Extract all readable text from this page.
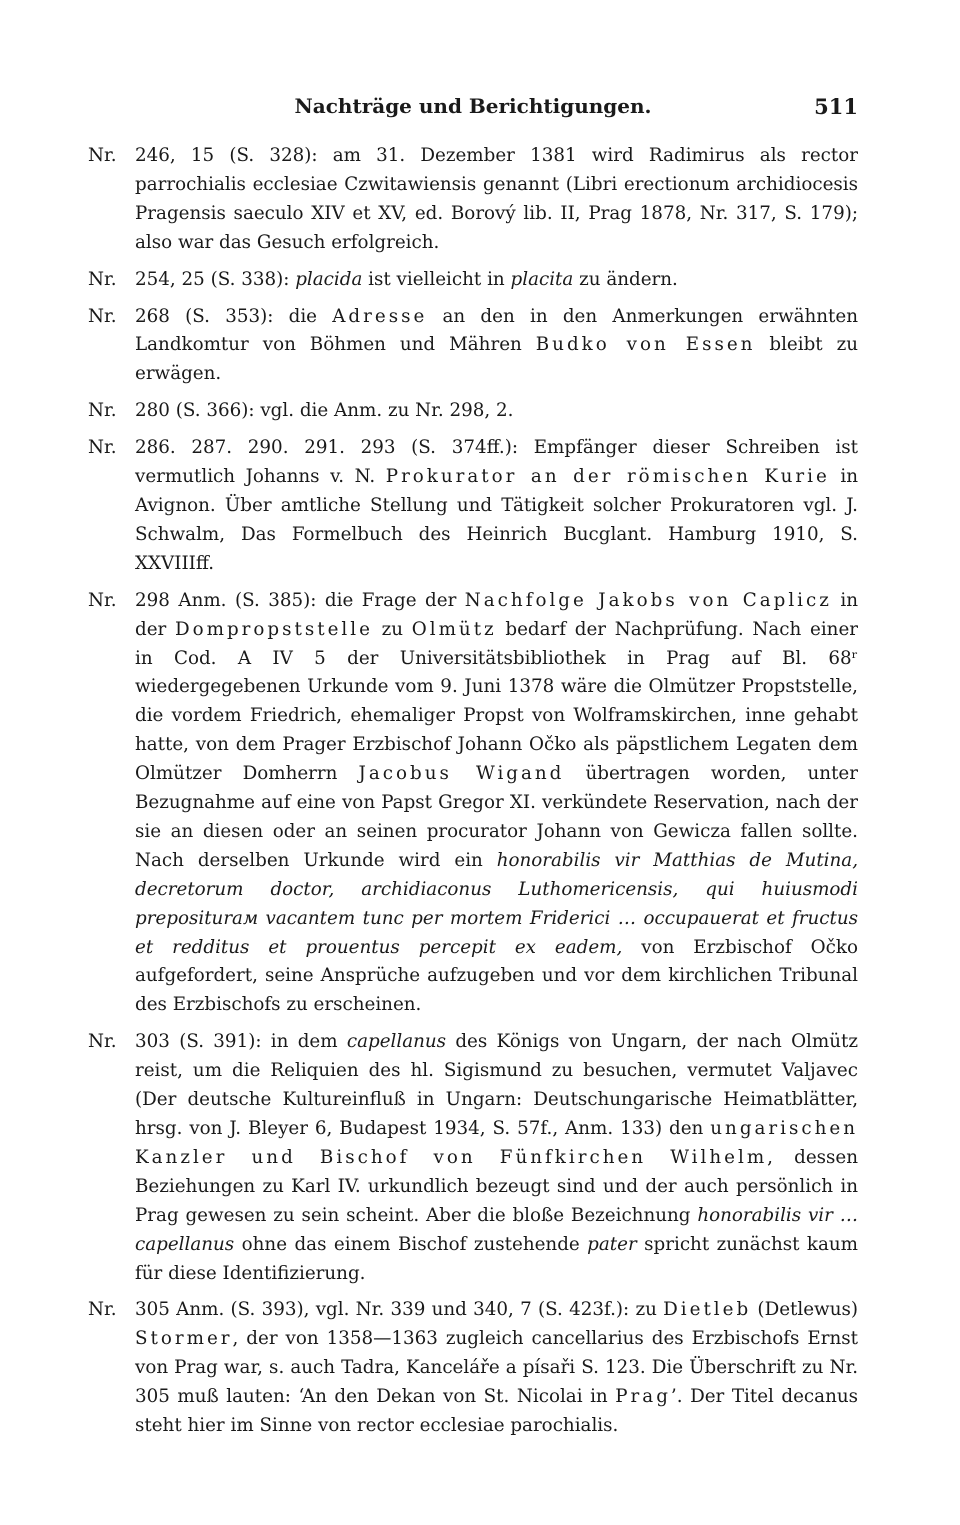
Nachträge und Berichtigungen.	511
Nr. 246, 15 (S. 328): am 31. Dezember 1381 wird Radimirus als rector parrochialis ecclesiae Czwitawiensis genannt (Libri erectionum archidiocesis Pragensis saeculo XIV et XV, ed. Borový lib. II, Prag 1878, Nr. 317, S. 179); also war das Gesuch erfolgreich.
Nr. 254, 25 (S. 338): placida ist vielleicht in placita zu ändern.
Nr. 268 (S. 353): die Adresse an den in den Anmerkungen erwähnten Landkomtur von Böhmen und Mähren Budko von Essen bleibt zu erwägen.
Nr. 280 (S. 366): vgl. die Anm. zu Nr. 298, 2.
Nr. 286. 287. 290. 291. 293 (S. 374ff.): Empfänger dieser Schreiben ist vermutlich Johanns v. N. Prokurator an der römischen Kurie in Avignon. Über amtliche Stellung und Tätigkeit solcher Prokuratoren vgl. J. Schwalm, Das Formelbuch des Heinrich Bucglant. Hamburg 1910, S. XXVIIIff.
Nr. 298 Anm. (S. 385): die Frage der Nachfolge Jakobs von Caplicz in der Dompropststelle zu Olmütz bedarf der Nachprüfung. Nach einer in Cod. A IV 5 der Universitätsbibliothek in Prag auf Bl. 68ʳ wiedergegebenen Urkunde vom 9. Juni 1378 wäre die Olmützer Propststelle, die vordem Friedrich, ehemaliger Propst von Wolframskirchen, inne gehabt hatte, von dem Prager Erzbischof Johann Očko als päpstlichem Legaten dem Olmützer Domherrn Jacobus Wigand übertragen worden, unter Bezugnahme auf eine von Papst Gregor XI. verkündete Reservation, nach der sie an diesen oder an seinen procurator Johann von Gewicza fallen sollte. Nach derselben Urkunde wird ein honorabilis vir Matthias de Mutina, decretorum doctor, archidiaconus Luthomericensis, qui huiusmodi prepositurам vacantem tunc per mortem Friderici … occupauerat et fructus et redditus et prouentus percepit ex eadem, von Erzbischof Očko aufgefordert, seine Ansprüche aufzugeben und vor dem kirchlichen Tribunal des Erzbischofs zu erscheinen.
Nr. 303 (S. 391): in dem capellanus des Königs von Ungarn, der nach Olmütz reist, um die Reliquien des hl. Sigismund zu besuchen, vermutet Valjavec (Der deutsche Kultureinfluß in Ungarn: Deutschungarische Heimatblätter, hrsg. von J. Bleyer 6, Budapest 1934, S. 57f., Anm. 133) den ungarischen Kanzler und Bischof von Fünfkirchen Wilhelm, dessen Beziehungen zu Karl IV. urkundlich bezeugt sind und der auch persönlich in Prag gewesen zu sein scheint. Aber die bloße Bezeichnung honorabilis vir … capellanus ohne das einem Bischof zustehende pater spricht zunächst kaum für diese Identifizierung.
Nr. 305 Anm. (S. 393), vgl. Nr. 339 und 340, 7 (S. 423f.): zu Dietleb (Detlewus) Stormer, der von 1358—1363 zugleich cancellarius des Erzbischofs Ernst von Prag war, s. auch Tadra, Kanceláře a písaři S. 123. Die Überschrift zu Nr. 305 muß lauten: ‘An den Dekan von St. Nicolai in Prag’. Der Titel decanus steht hier im Sinne von rector ecclesiae parochialis.
